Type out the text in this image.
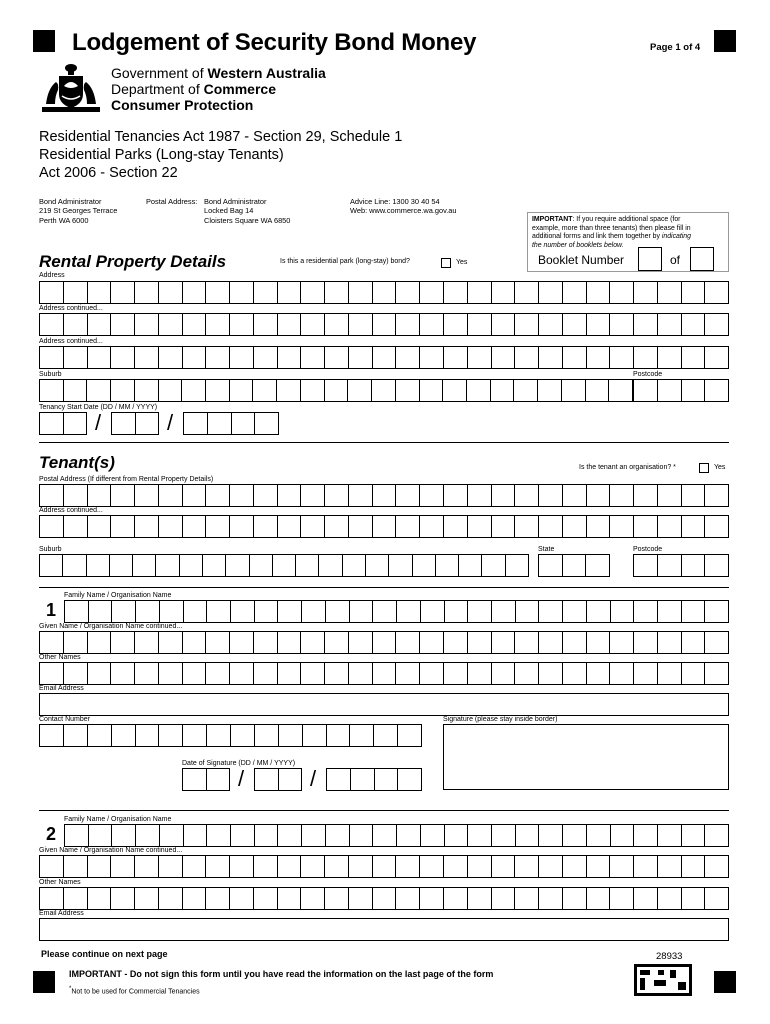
Lodgement of Security Bond Money	Page 1 of 4
Government of Western Australia
Department of Commerce
Consumer Protection
Residential Tenancies Act 1987 - Section 29, Schedule 1
Residential Parks (Long-stay Tenants)
Act 2006 - Section 22
Bond Administrator
219 St Georges Terrace
Perth WA 6000
Postal Address: Bond Administrator
Locked Bag 14
Cloisters Square WA 6850
Advice Line: 1300 30 40 54
Web: www.commerce.wa.gov.au
IMPORTANT: If you require additional space (for
example, more than three tenants) then please fill in
additional forms and link them together by indicating
the number of booklets below.
Booklet Number	of
Rental Property Details	Is this a residential park (long-stay) bond?	Yes
Address
Address continued...
Address continued...
Suburb	Postcode
Tenancy Start Date (DD / MM / YYYY)
/	/
Tenant(s)	Is the tenant an organisation? *	Yes
Postal Address (If different from Rental Property Details)
Address continued...
Suburb	State	Postcode
Family Name / Organisation Name
1
Given Name / Organisation Name continued...
Other Names
Email Address
Contact Number	Signature (please stay inside border)
Date of Signature (DD / MM / YYYY)
/	/
Family Name / Organisation Name
2
Given Name / Organisation Name continued...
Other Names
Email Address
Please continue on next page	28933
IMPORTANT - Do not sign this form until you have read the information on the last page of the form
*Not to be used for Commercial Tenancies
